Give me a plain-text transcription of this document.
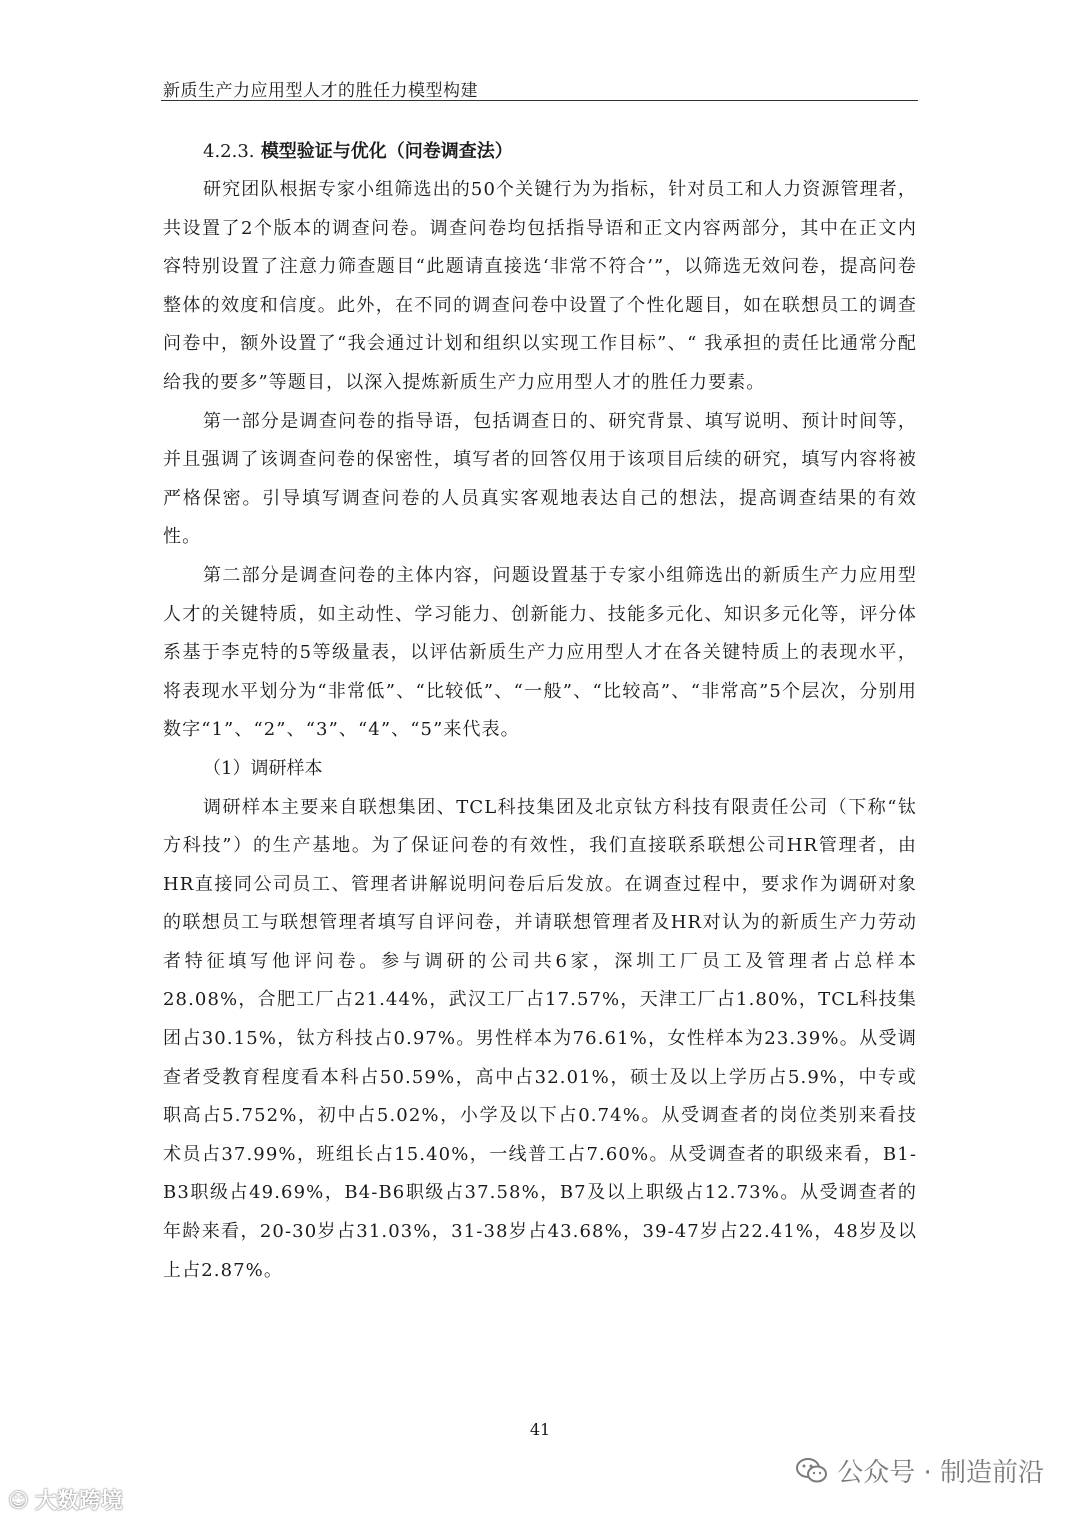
新质生产力应用型人才的胜任力模型构建
4.2.3. 模型验证与优化（问卷调查法）

研究团队根据专家小组筛选出的50个关键行为为指标，针对员工和人力资源管理者，共设置了2个版本的调查问卷。调查问卷均包括指导语和正文内容两部分，其中在正文内容特别设置了注意力筛查题目“此题请直接选‘非常不符合’”，以筛选无效问卷，提高问卷整体的效度和信度。此外，在不同的调查问卷中设置了个性化题目，如在联想员工的调查问卷中，额外设置了“我会通过计划和组织以实现工作目标”、“ 我承担的责任比通常分配给我的要多”等题目，以深入提炼新质生产力应用型人才的胜任力要素。

第一部分是调查问卷的指导语，包括调查日的、研究背景、填写说明、预计时间等，并且强调了该调查问卷的保密性，填写者的回答仅用于该项目后续的研究，填写内容将被严格保密。引导填写调查问卷的人员真实客观地表达自己的想法，提高调查结果的有效性。

第二部分是调查问卷的主体内容，问题设置基于专家小组筛选出的新质生产力应用型人才的关键特质，如主动性、学习能力、创新能力、技能多元化、知识多元化等，评分体系基于李克特的5等级量表，以评估新质生产力应用型人才在各关键特质上的表现水平，将表现水平划分为“非常低”、“比较低”、“一般”、“比较高”、“非常高”5个层次，分别用数字“1”、“2”、“3”、“4”、“5”来代表。

（1）调研样本

调研样本主要来自联想集团、TCL科技集团及北京钛方科技有限责任公司（下称“钛方科技”）的生产基地。为了保证问卷的有效性，我们直接联系联想公司HR管理者，由HR直接同公司员工、管理者讲解说明问卷后后发放。在调查过程中，要求作为调研对象的联想员工与联想管理者填写自评问卷，并请联想管理者及HR对认为的新质生产力劳动者特征填写他评问卷。参与调研的公司共6家，深圳工厂员工及管理者占总样本28.08%，合肥工厂占21.44%，武汉工厂占17.57%，天津工厂占1.80%，TCL科技集团占30.15%，钛方科技占0.97%。男性样本为76.61%，女性样本为23.39%。从受调查者受教育程度看本科占50.59%，高中占32.01%，硕士及以上学历占5.9%，中专或职高占5.752%，初中占5.02%，小学及以下占0.74%。从受调查者的岗位类别来看技术员占37.99%，班组长占15.40%，一线普工占7.60%。从受调查者的职级来看，B1-B3职级占49.69%，B4-B6职级占37.58%，B7及以上职级占12.73%。从受调查者的年龄来看，20-30岁占31.03%，31-38岁占43.68%，39-47岁占22.41%，48岁及以上占2.87%。

41
☺ 大数跨境
公众号 · 制造前沿
